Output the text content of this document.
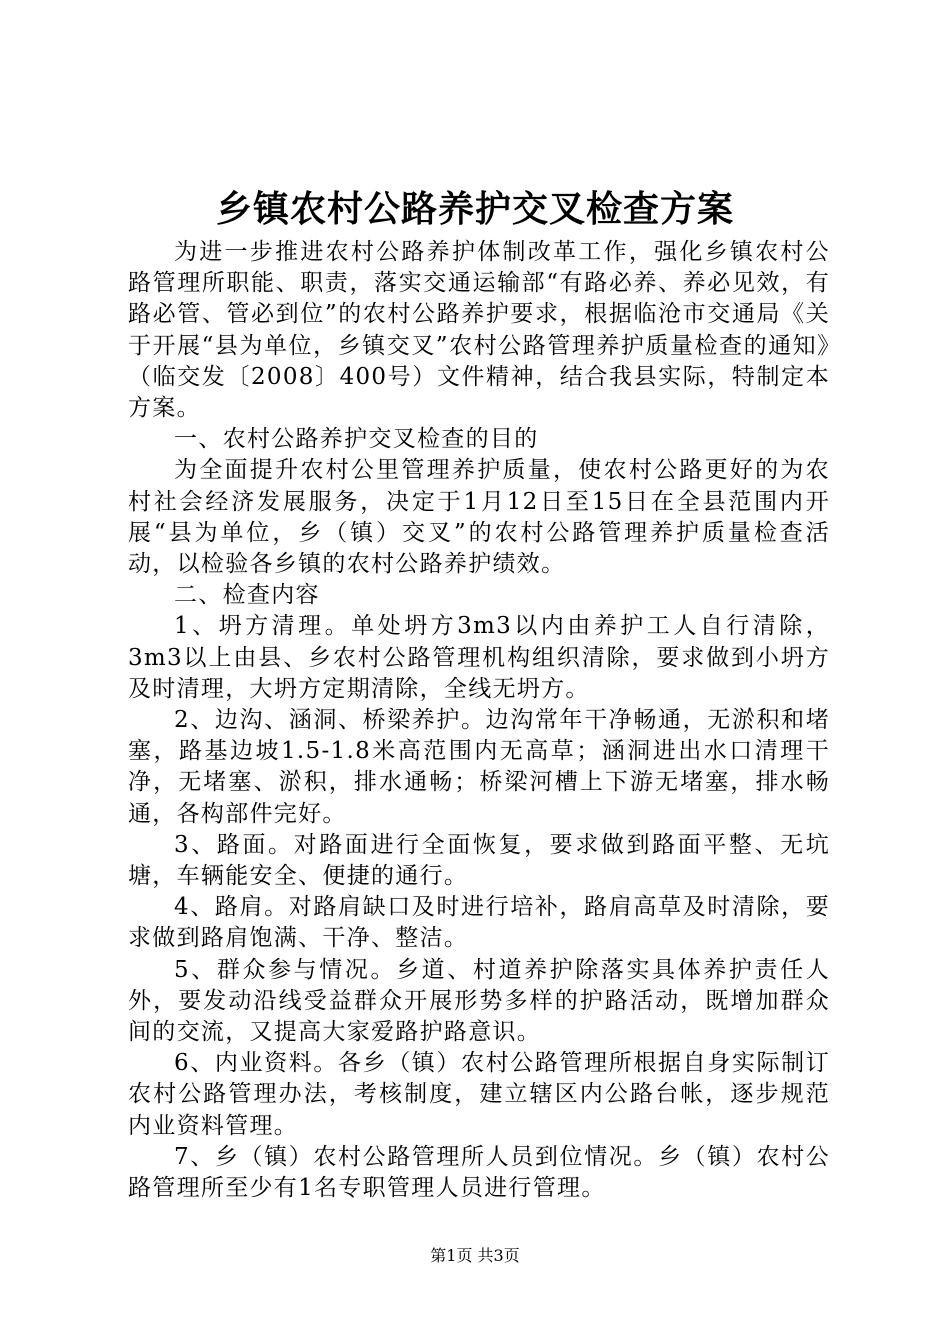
乡镇农村公路养护交叉检查方案

为进一步推进农村公路养护体制改革工作，强化乡镇农村公路管理所职能、职责，落实交通运输部“有路必养、养必见效，有路必管、管必到位”的农村公路养护要求，根据临沧市交通局《关于开展“县为单位，乡镇交叉”农村公路管理养护质量检查的通知》（临交发〔2008〕400号）文件精神，结合我县实际，特制定本方案。

一、农村公路养护交叉检查的目的

为全面提升农村公里管理养护质量，使农村公路更好的为农村社会经济发展服务，决定于1月12日至15日在全县范围内开展“县为单位，乡（镇）交叉”的农村公路管理养护质量检查活动，以检验各乡镇的农村公路养护绩效。

二、检查内容

1、坍方清理。单处坍方3m3以内由养护工人自行清除，3m3以上由县、乡农村公路管理机构组织清除，要求做到小坍方及时清理，大坍方定期清除，全线无坍方。

2、边沟、涵洞、桥梁养护。边沟常年干净畅通，无淤积和堵塞，路基边坡1.5-1.8米高范围内无高草；涵洞进出水口清理干净，无堵塞、淤积，排水通畅；桥梁河槽上下游无堵塞，排水畅通，各构部件完好。

3、路面。对路面进行全面恢复，要求做到路面平整、无坑塘，车辆能安全、便捷的通行。

4、路肩。对路肩缺口及时进行培补，路肩高草及时清除，要求做到路肩饱满、干净、整洁。

5、群众参与情况。乡道、村道养护除落实具体养护责任人外，要发动沿线受益群众开展形势多样的护路活动，既增加群众间的交流，又提高大家爱路护路意识。

6、内业资料。各乡（镇）农村公路管理所根据自身实际制订农村公路管理办法，考核制度，建立辖区内公路台帐，逐步规范内业资料管理。

7、乡（镇）农村公路管理所人员到位情况。乡（镇）农村公路管理所至少有1名专职管理人员进行管理。

第1页 共3页
